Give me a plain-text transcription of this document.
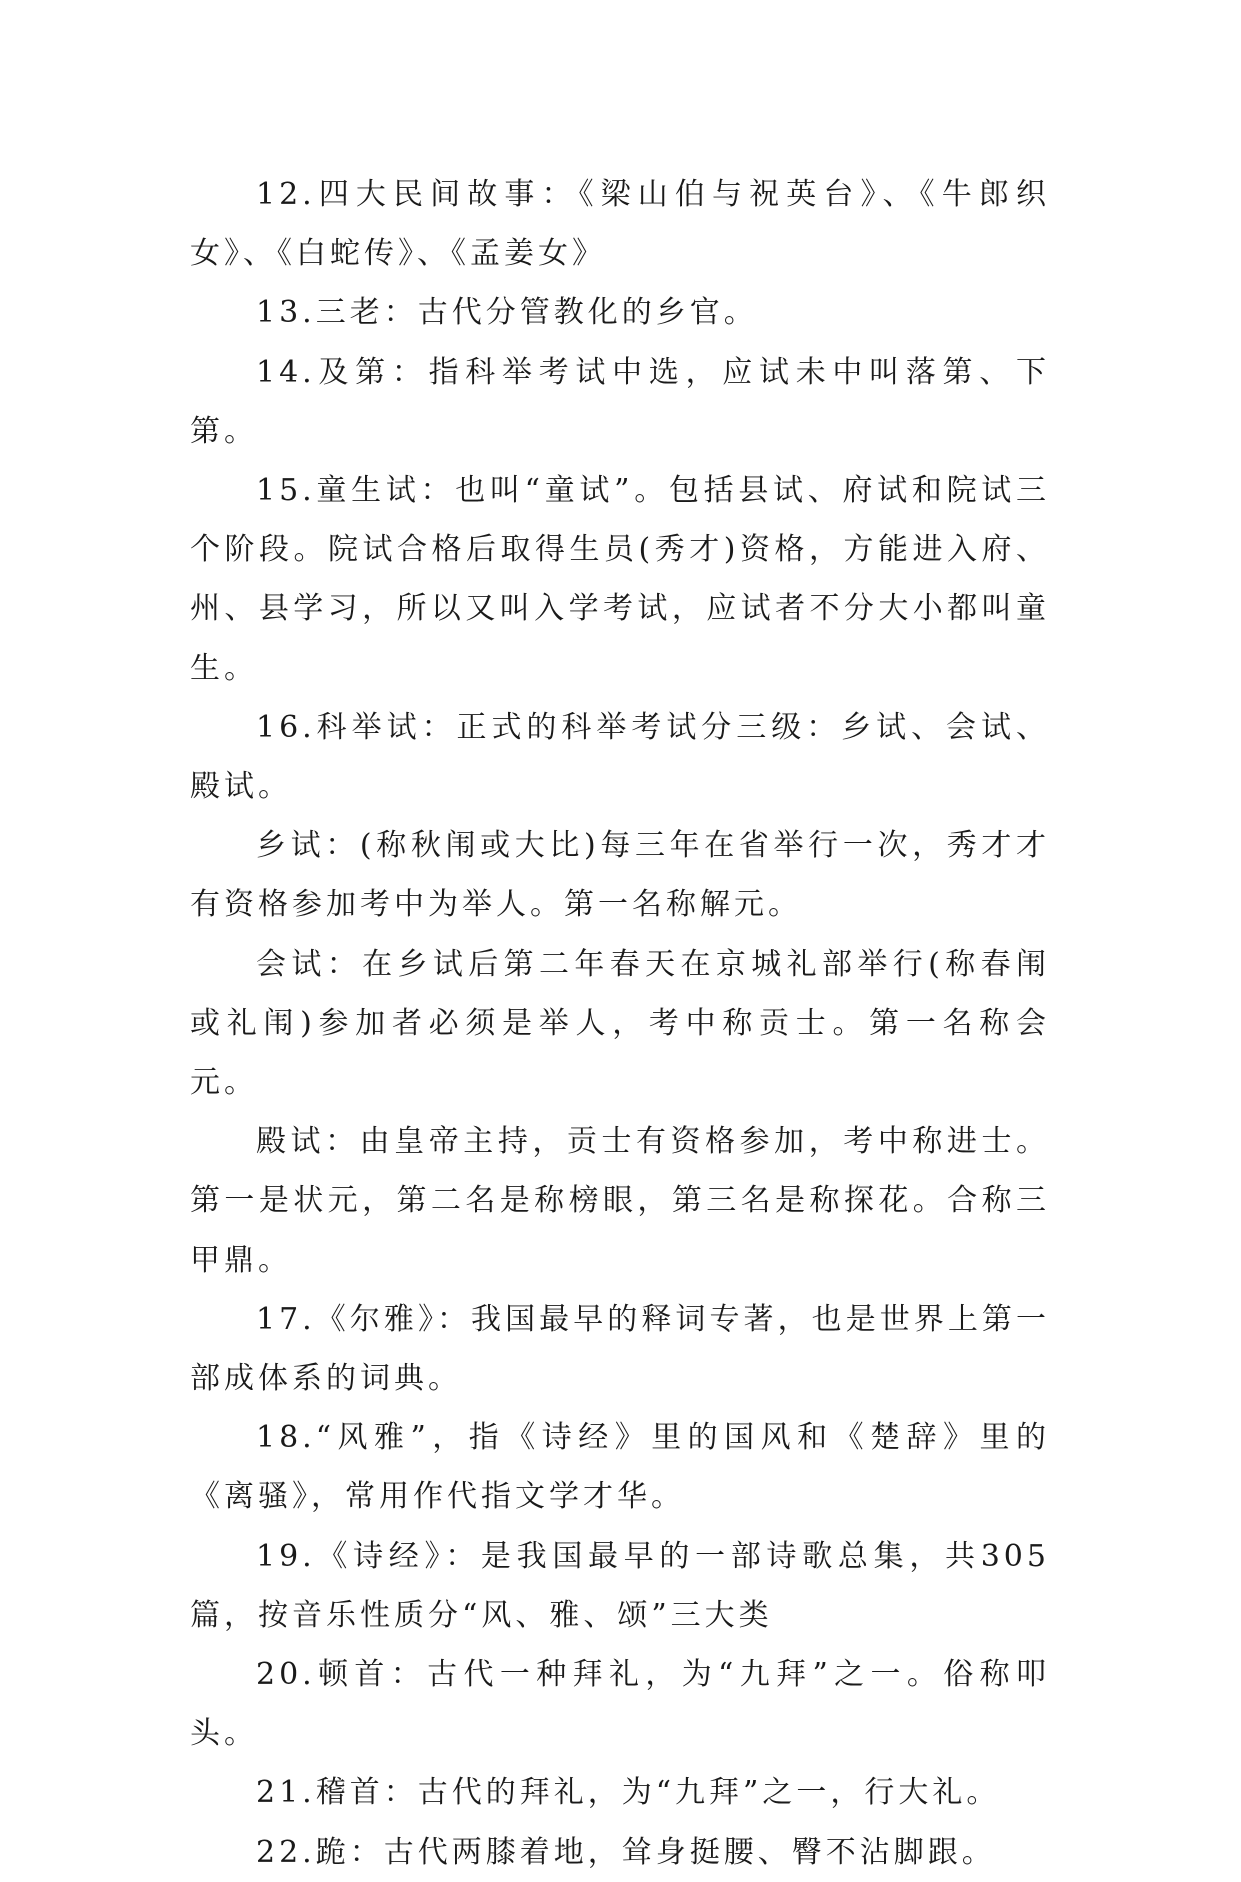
12.四大民间故事：《梁山伯与祝英台》、《牛郎织女》、《白蛇传》、《孟姜女》

13.三老：古代分管教化的乡官。

14.及第：指科举考试中选，应试未中叫落第、下第。

15.童生试：也叫“童试”。包括县试、府试和院试三个阶段。院试合格后取得生员(秀才)资格，方能进入府、州、县学习，所以又叫入学考试，应试者不分大小都叫童生。

16.科举试：正式的科举考试分三级：乡试、会试、殿试。

乡试：(称秋闱或大比)每三年在省举行一次，秀才才有资格参加考中为举人。第一名称解元。

会试：在乡试后第二年春天在京城礼部举行(称春闱或礼闱)参加者必须是举人，考中称贡士。第一名称会元。

殿试：由皇帝主持，贡士有资格参加，考中称进士。第一是状元，第二名是称榜眼，第三名是称探花。合称三甲鼎。

17.《尔雅》：我国最早的释词专著，也是世界上第一部成体系的词典。

18.“风雅”，指《诗经》里的国风和《楚辞》里的《离骚》，常用作代指文学才华。

19.《诗经》：是我国最早的一部诗歌总集，共305篇，按音乐性质分“风、雅、颂”三大类

20.顿首：古代一种拜礼，为“九拜”之一。俗称叩头。

21.稽首：古代的拜礼，为“九拜”之一，行大礼。

22.跪：古代两膝着地，耸身挺腰、臀不沾脚跟。
